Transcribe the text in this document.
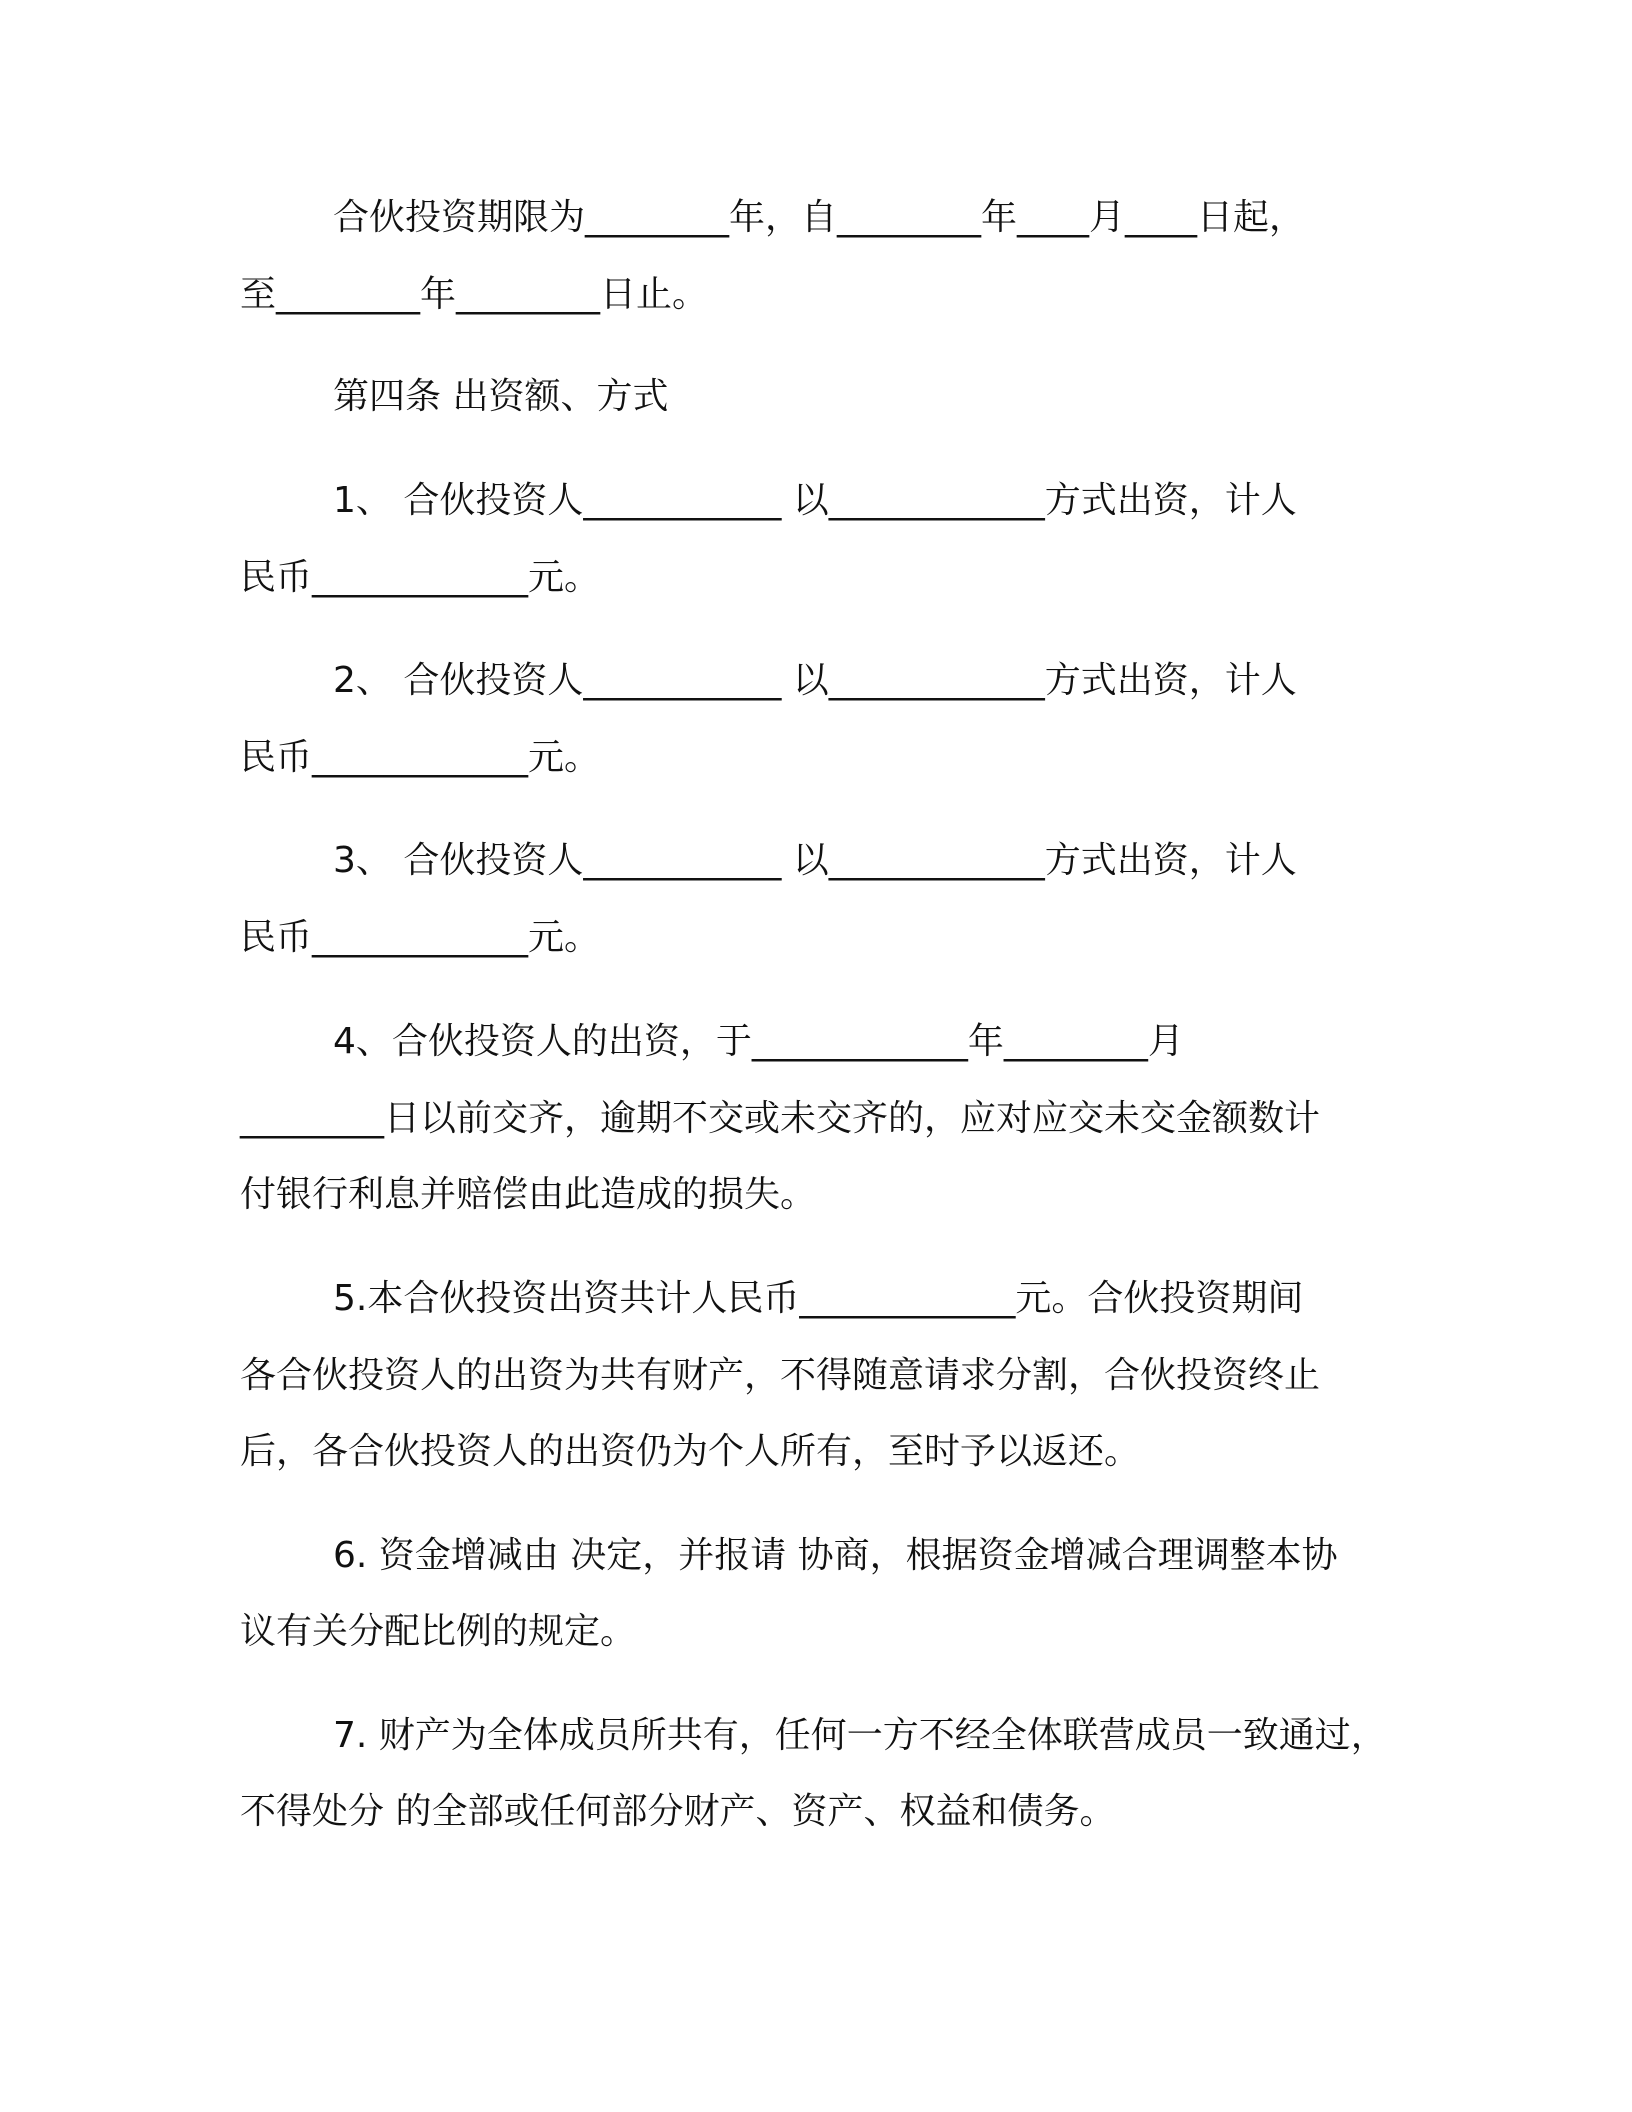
合伙投资期限为________年，自________年____月____日起，
至________年________日止。
第四条 出资额、方式
1、 合伙投资人___________ 以____________方式出资，计人
民币____________元。
2、 合伙投资人___________ 以____________方式出资，计人
民币____________元。
3、 合伙投资人___________ 以____________方式出资，计人
民币____________元。
4、合伙投资人的出资，于____________年________月
________日以前交齐，逾期不交或未交齐的，应对应交未交金额数计
付银行利息并赔偿由此造成的损失。
5.本合伙投资出资共计人民币____________元。合伙投资期间
各合伙投资人的出资为共有财产，不得随意请求分割，合伙投资终止
后，各合伙投资人的出资仍为个人所有，至时予以返还。
6. 资金增减由 决定，并报请 协商，根据资金增减合理调整本协
议有关分配比例的规定。
7. 财产为全体成员所共有，任何一方不经全体联营成员一致通过，
不得处分 的全部或任何部分财产、资产、权益和债务。
